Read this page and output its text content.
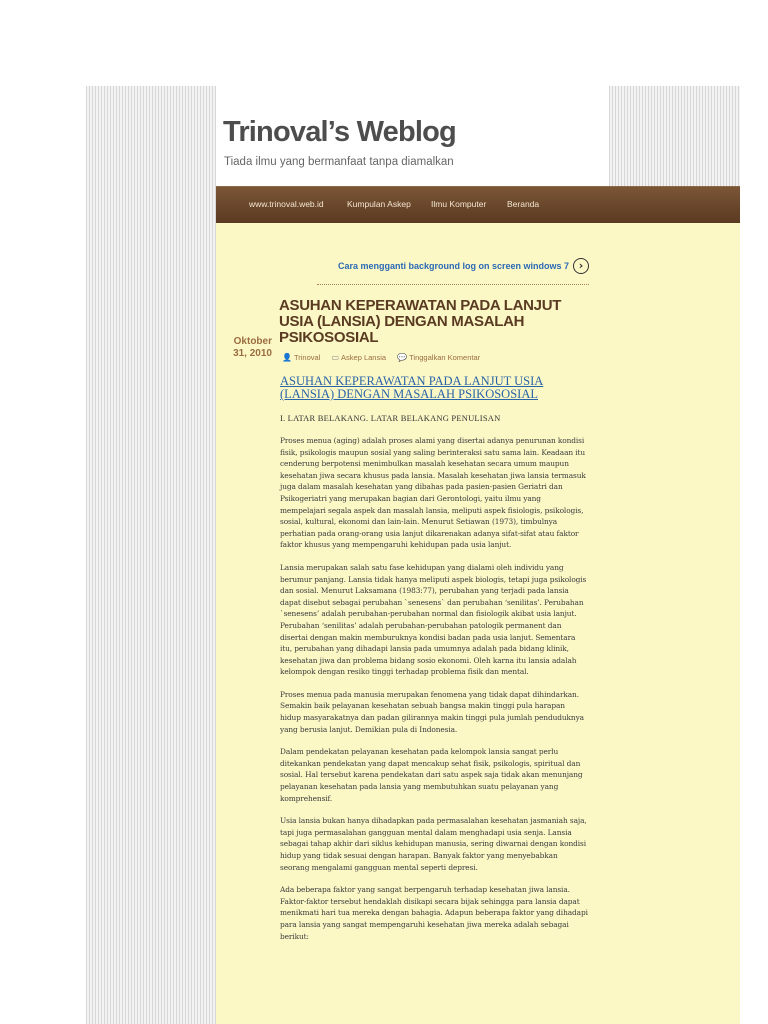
Trinoval’s Weblog
Tiada ilmu yang bermanfaat tanpa diamalkan
www.trinoval.web.id	Kumpulan Askep Ilmu Komputer Beranda
Cara mengganti background log on screen windows 7 ›
Oktober
31, 2010
ASUHAN KEPERAWATAN PADA LANJUT USIA (LANSIA) DENGAN MASALAH PSIKOSOSIAL
👤 Trinoval ▭ Askep Lansia 💬 Tinggalkan Komentar
ASUHAN KEPERAWATAN PADA LANJUT USIA (LANSIA) DENGAN MASALAH PSIKOSOSIAL
I. LATAR BELAKANG. LATAR BELAKANG PENULISAN

Proses menua (aging) adalah proses alami yang disertai adanya penurunan kondisi fisik, psikologis maupun sosial yang saling berinteraksi satu sama lain. Keadaan itu cenderung berpotensi menimbulkan masalah kesehatan secara umum maupun kesehatan jiwa secara khusus pada lansia. Masalah kesehatan jiwa lansia termasuk juga dalam masalah kesehatan yang dibahas pada pasien-pasien Geriatri dan Psikogeriatri yang merupakan bagian dari Gerontologi, yaitu ilmu yang mempelajari segala aspek dan masalah lansia, meliputi aspek fisiologis, psikologis, sosial, kultural, ekonomi dan lain-lain. Menurut Setiawan (1973), timbulnya perhatian pada orang-orang usia lanjut dikarenakan adanya sifat-sifat atau faktor faktor khusus yang mempengaruhi kehidupan pada usia lanjut.

Lansia merupakan salah satu fase kehidupan yang dialami oleh individu yang berumur panjang. Lansia tidak hanya meliputi aspek biologis, tetapi juga psikologis dan sosial. Menurut Laksamana (1983:77), perubahan yang terjadi pada lansia dapat disebut sebagai perubahan `senesens` dan perubahan ‘senilitas’. Perubahan `senesens’ adalah perubahan-perubahan normal dan fisiologik akibat usia lanjut. Perubahan ‘senilitas’ adalah perubahan-perubahan patologik permanent dan disertai dengan makin memburuknya kondisi badan pada usia lanjut. Sementara itu, perubahan yang dihadapi lansia pada umumnya adalah pada bidang klinik, kesehatan jiwa dan problema bidang sosio ekonomi. Oleh karna itu lansia adalah kelompok dengan resiko tinggi terhadap problema fisik dan mental.

Proses menua pada manusia merupakan fenomena yang tidak dapat dihindarkan. Semakin baik pelayanan kesehatan sebuah bangsa makin tinggi pula harapan hidup masyarakatnya dan padan gilirannya makin tinggi pula jumlah penduduknya yang berusia lanjut. Demikian pula di Indonesia.

Dalam pendekatan pelayanan kesehatan pada kelompok lansia sangat perlu ditekankan pendekatan yang dapat mencakup sehat fisik, psikologis, spiritual dan sosial. Hal tersebut karena pendekatan dari satu aspek saja tidak akan menunjang pelayanan kesehatan pada lansia yang membutuhkan suatu pelayanan yang komprehensif.

Usia lansia bukan hanya dihadapkan pada permasalahan kesehatan jasmaniah saja, tapi juga permasalahan gangguan mental dalam menghadapi usia senja. Lansia sebagai tahap akhir dari siklus kehidupan manusia, sering diwarnai dengan kondisi hidup yang tidak sesuai dengan harapan. Banyak faktor yang menyebabkan seorang mengalami gangguan mental seperti depresi.

Ada beberapa faktor yang sangat berpengaruh terhadap kesehatan jiwa lansia. Faktor-faktor tersebut hendaklah disikapi secara bijak sehingga para lansia dapat menikmati hari tua mereka dengan bahagia. Adapun beberapa faktor yang dihadapi para lansia yang sangat mempengaruhi kesehatan jiwa mereka adalah sebagai berikut:
